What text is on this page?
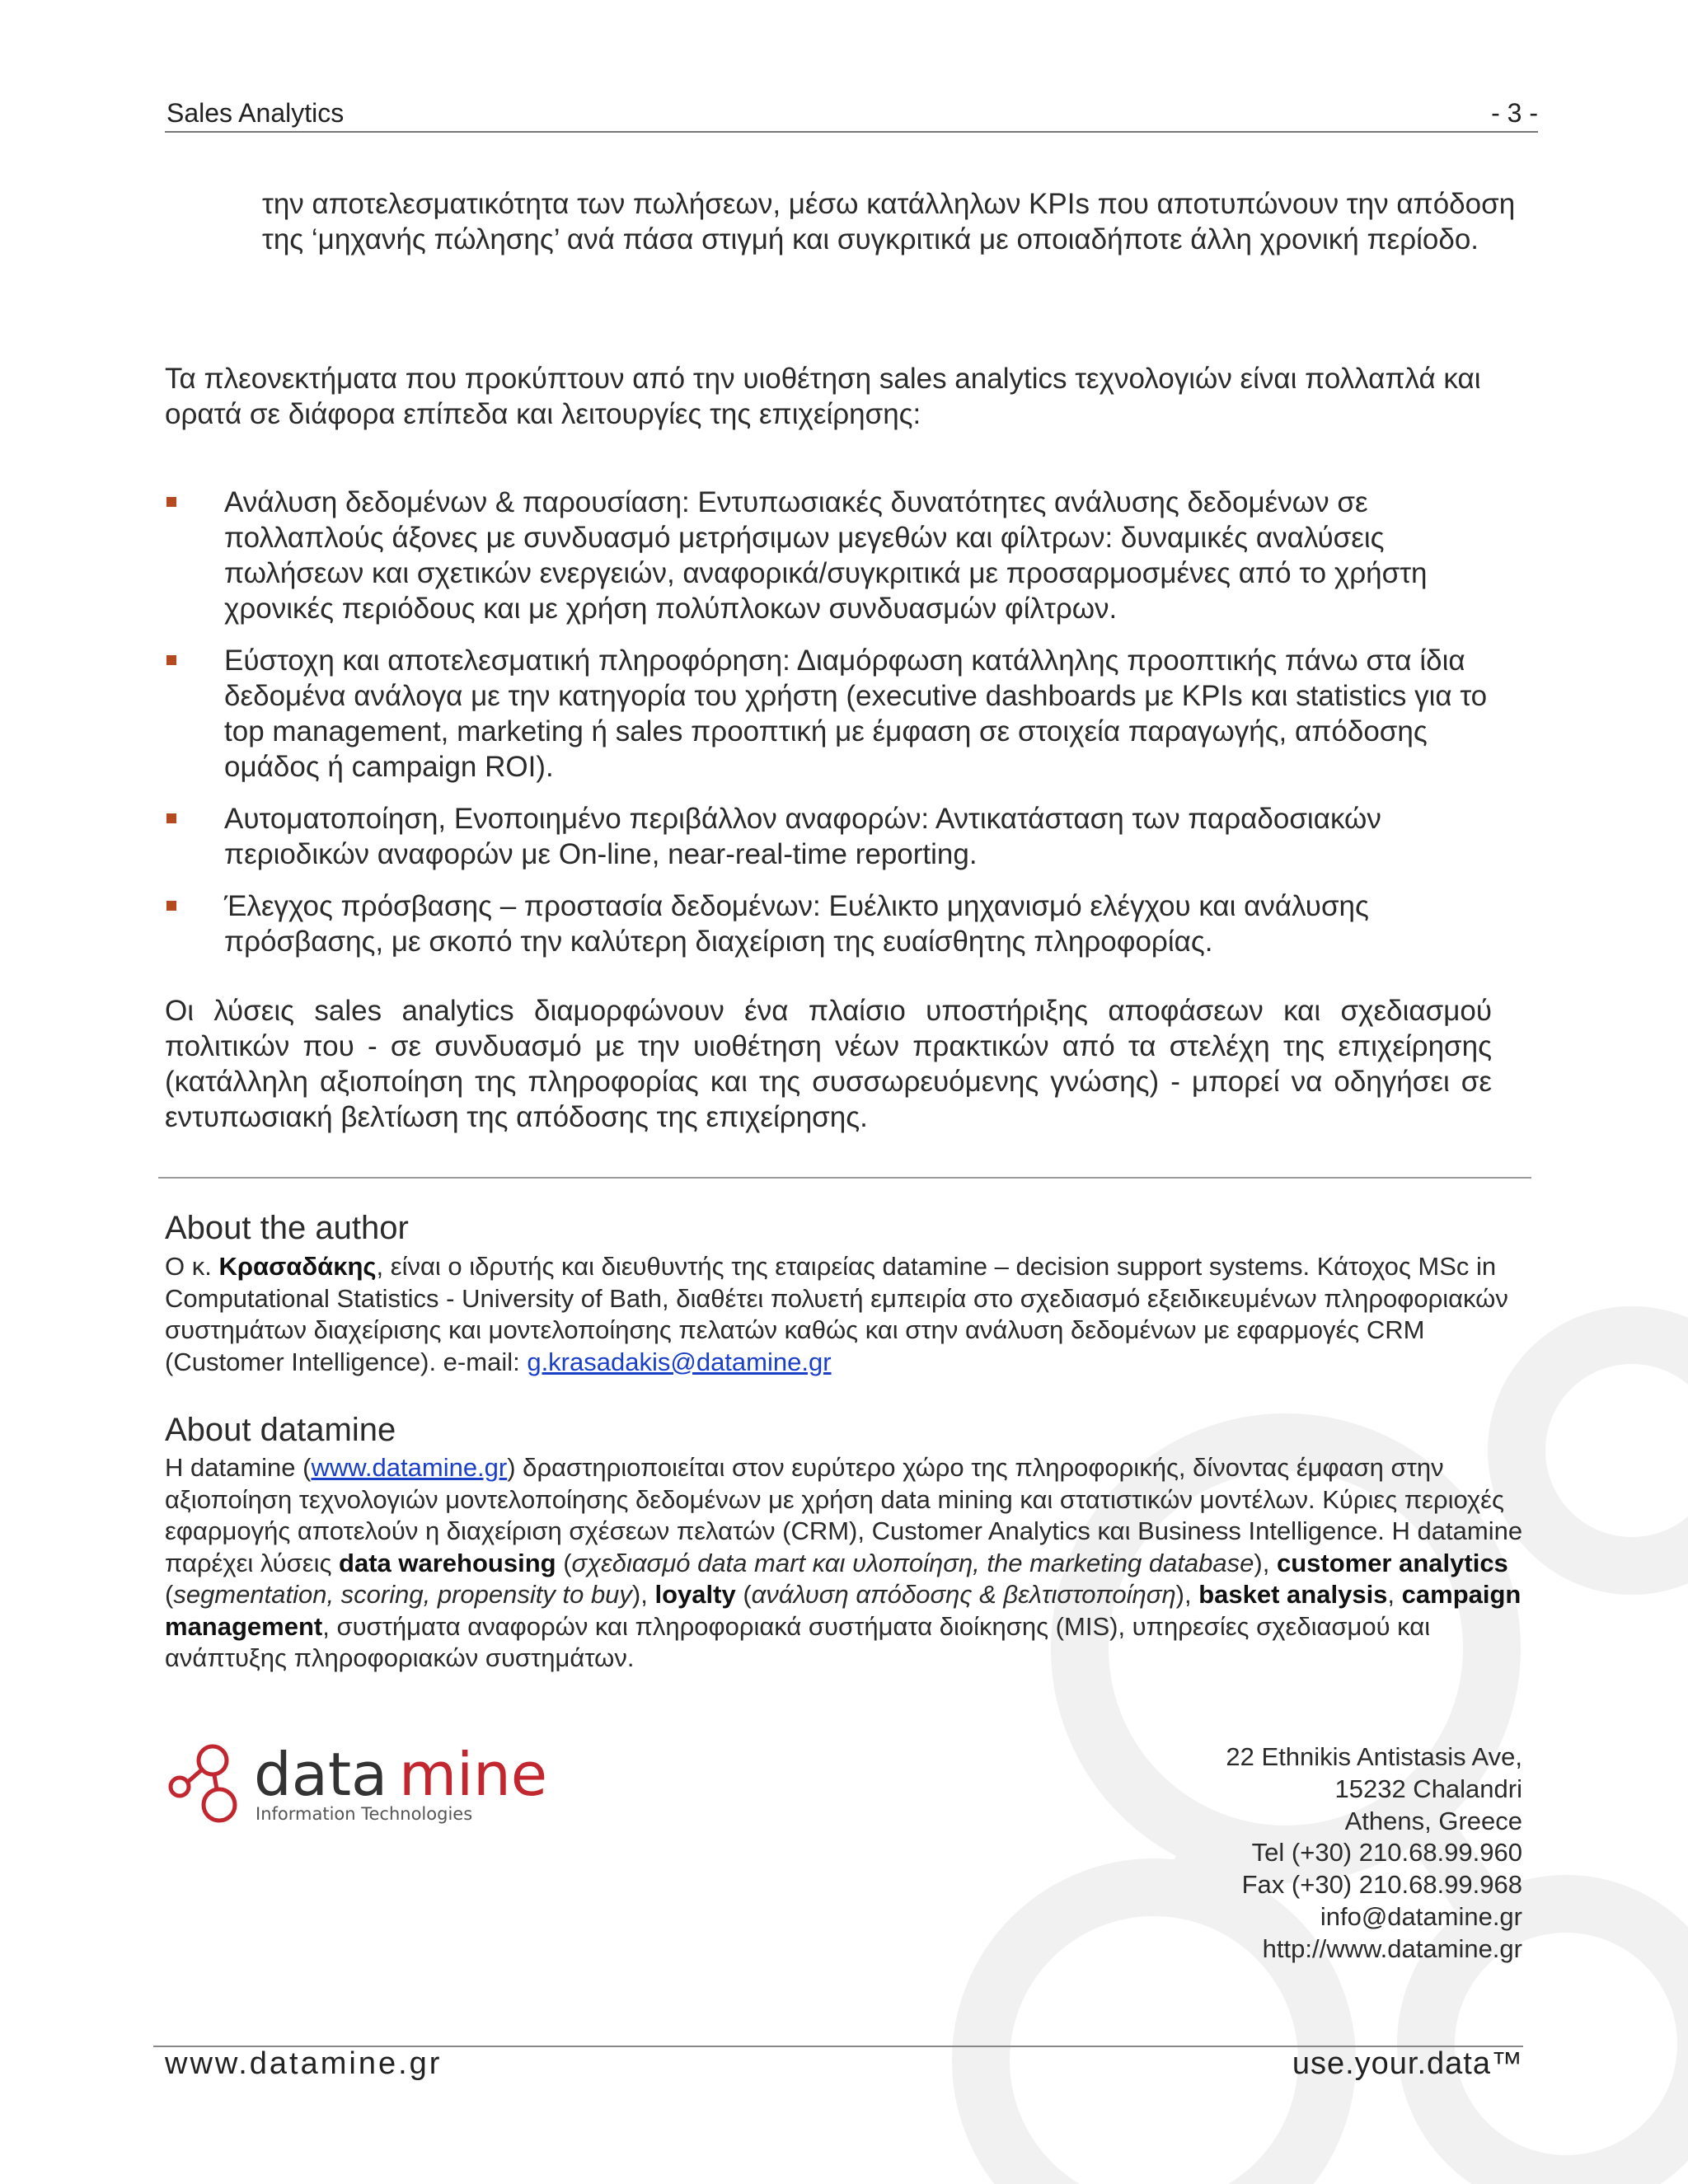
Sales Analytics	- 3 -

την αποτελεσματικότητα των πωλήσεων, μέσω κατάλληλων KPIs που αποτυπώνουν την απόδοση της ‘μηχανής πώλησης’ ανά πάσα στιγμή και συγκριτικά με οποιαδήποτε άλλη χρονική περίοδο.

Τα πλεονεκτήματα που προκύπτουν από την υιοθέτηση sales analytics τεχνολογιών είναι πολλαπλά και ορατά σε διάφορα επίπεδα και λειτουργίες της επιχείρησης:

Ανάλυση δεδομένων & παρουσίαση: Εντυπωσιακές δυνατότητες ανάλυσης δεδομένων σε πολλαπλούς άξονες με συνδυασμό μετρήσιμων μεγεθών και φίλτρων: δυναμικές αναλύσεις πωλήσεων και σχετικών ενεργειών, αναφορικά/συγκριτικά με προσαρμοσμένες από το χρήστη χρονικές περιόδους και με χρήση πολύπλοκων συνδυασμών φίλτρων.
Εύστοχη και αποτελεσματική πληροφόρηση: Διαμόρφωση κατάλληλης προοπτικής πάνω στα ίδια δεδομένα ανάλογα με την κατηγορία του χρήστη (executive dashboards με KPIs και statistics για το top management, marketing ή sales προοπτική με έμφαση σε στοιχεία παραγωγής, απόδοσης ομάδος ή campaign ROI).
Αυτοματοποίηση, Ενοποιημένο περιβάλλον αναφορών: Αντικατάσταση των παραδοσιακών περιοδικών αναφορών με On-line, near-real-time reporting.
Έλεγχος πρόσβασης – προστασία δεδομένων: Ευέλικτο μηχανισμό ελέγχου και ανάλυσης πρόσβασης, με σκοπό την καλύτερη διαχείριση της ευαίσθητης πληροφορίας.

Οι λύσεις sales analytics διαμορφώνουν ένα πλαίσιο υποστήριξης αποφάσεων και σχεδιασμού πολιτικών που - σε συνδυασμό με την υιοθέτηση νέων πρακτικών από τα στελέχη της επιχείρησης (κατάλληλη αξιοποίηση της πληροφορίας και της συσσωρευόμενης γνώσης) - μπορεί να οδηγήσει σε εντυπωσιακή βελτίωση της απόδοσης της επιχείρησης.

About the author

Ο κ. Κρασαδάκης, είναι ο ιδρυτής και διευθυντής της εταιρείας datamine – decision support systems. Κάτοχος MSc in Computational Statistics - University of Bath, διαθέτει πολυετή εμπειρία στο σχεδιασμό εξειδικευμένων πληροφοριακών συστημάτων διαχείρισης και μοντελοποίησης πελατών καθώς και στην ανάλυση δεδομένων με εφαρμογές CRM (Customer Intelligence). e-mail: g.krasadakis@datamine.gr

About datamine

Η datamine (www.datamine.gr) δραστηριοποιείται στον ευρύτερο χώρο της πληροφορικής, δίνοντας έμφαση στην αξιοποίηση τεχνολογιών μοντελοποίησης δεδομένων με χρήση data mining και στατιστικών μοντέλων. Κύριες περιοχές εφαρμογής αποτελούν η διαχείριση σχέσεων πελατών (CRM), Customer Analytics και Business Intelligence. Η datamine παρέχει λύσεις data warehousing (σχεδιασμό data mart και υλοποίηση, the marketing database), customer analytics (segmentation, scoring, propensity to buy), loyalty (ανάλυση απόδοσης & βελτιστοποίηση), basket analysis, campaign management, συστήματα αναφορών και πληροφοριακά συστήματα διοίκησης (MIS), υπηρεσίες σχεδιασμού και ανάπτυξης πληροφοριακών συστημάτων.

data mine
Information Technologies
22 Ethnikis Antistasis Ave,
15232 Chalandri
Athens, Greece
Tel (+30) 210.68.99.960
Fax (+30) 210.68.99.968
info@datamine.gr
http://www.datamine.gr
www.datamine.gr	use.your.data™
